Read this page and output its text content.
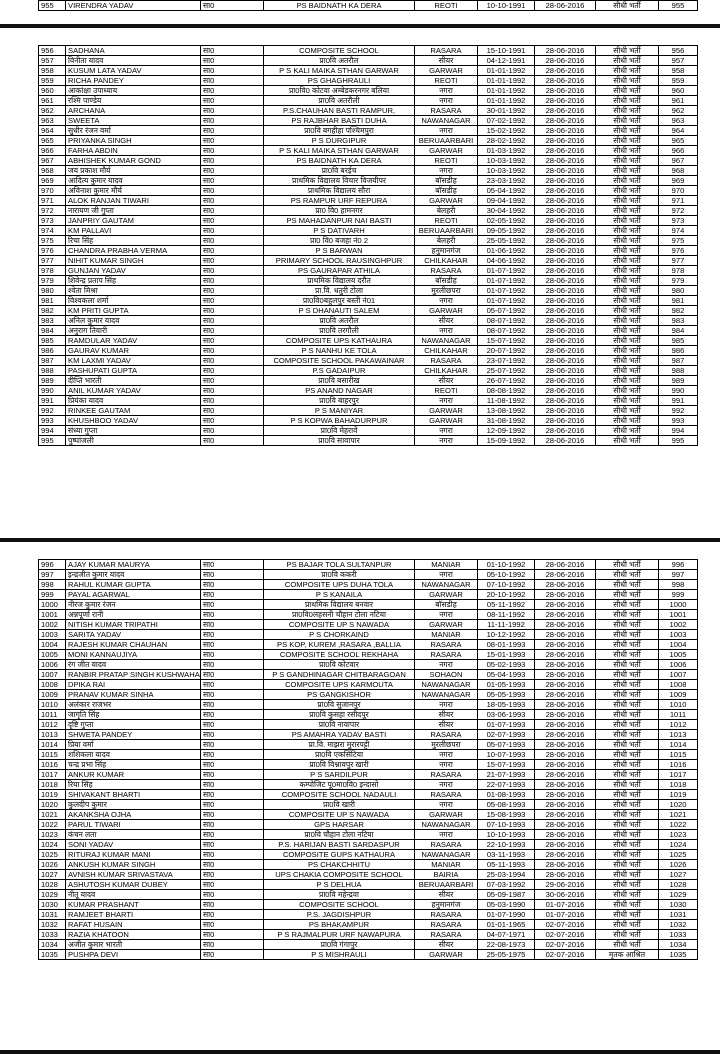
955	VIRENDRA YADAV	सा0	PS BAIDNATH KA DERA	REOTI	10-10-1991	28-06-2016	सीधी भर्ती	955
956	SADHANA	सा0	COMPOSITE SCHOOL	RASARA	15-10-1991	28-06-2016	सीधी भर्ती	956
957	विनीता यादव	सा0	प्रा0वि अतरौल	सीयर	04-12-1991	28-06-2016	सीधी भर्ती	957
958	KUSUM LATA YADAV	सा0	P S KALI MAIKA STHAN GARWAR	GARWAR	01-01-1992	28-06-2016	सीधी भर्ती	958
959	RICHA PANDEY	सा0	PS GHAGHRAULI	REOTI	01-01-1992	28-06-2016	सीधी भर्ती	959
960	आकांक्षा उपाध्याय	सा0	प्रा0वि0 कोटवा अम्बेडकरनगर बलिया	नगरा	01-01-1992	28-06-2016	सीधी भर्ती	960
961	रश्मि पाण्डेय	सा0	प्रा0वि अतरौली	नगरा	01-01-1992	28-06-2016	सीधी भर्ती	961
962	ARCHANA	सा0	P.S.CHAUHAN BASTI RAMPUR,	RASARA	30-01-1992	28-06-2016	सीधी भर्ती	962
963	SWEETA	सा0	PS RAJBHAR BASTI DUHA	NAWANAGAR	07-02-1992	28-06-2016	सीधी भर्ती	963
964	सुधीर रंजन वर्मा	सा0	प्रा0वि बगहीहा पश्चिमपुरा	नगरा	15-02-1992	28-06-2016	सीधी भर्ती	964
965	PRIYANKA SINGH	सा0	P S DURGIPUR	BERUAARBARI	28-02-1992	28-06-2016	सीधी भर्ती	965
966	FARHA ABDIN	सा0	P S KALI MAIKA STHAN GARWAR	GARWAR	01-03-1992	28-06-2016	सीधी भर्ती	966
967	ABHISHEK KUMAR GOND	सा0	PS BAIDNATH KA DERA	REOTI	10-03-1992	28-06-2016	सीधी भर्ती	967
968	जय प्रकाश मौर्य	सा0	प्रा0वि बरईच	नगरा	10-03-1992	28-06-2016	सीधी भर्ती	968
969	आदित्य कुमार यादव	सा0	प्राथमिक विद्यालय विचार विजयीपर	बॉसडीह	23-03-1992	28-06-2016	सीधी भर्ती	969
970	अविनाश कुमार मौर्य	सा0	प्राथमिक विद्यालय सौरा	बॉसडीह	05-04-1992	28-06-2016	सीधी भर्ती	970
971	ALOK RANJAN TIWARI	सा0	PS RAMPUR URF REPURA	GARWAR	09-04-1992	28-06-2016	सीधी भर्ती	971
972	नारायण जी गुप्ता	सा0	प्रा0 वि0 हामनगर	बेलहरी	30-04-1992	28-06-2016	सीधी भर्ती	972
973	JANPRIY GAUTAM	सा0	PS MAHADANPUR NAI BASTI	REOTI	02-05-1992	28-06-2016	सीधी भर्ती	973
974	KM PALLAVI	सा0	P S DATIVARH	BERUAARBARI	09-05-1992	28-06-2016	सीधी भर्ती	974
975	रिचा सिंह	सा0	प्रा0 वि0 बजहा नं0 2	बेलहरी	25-05-1992	28-06-2016	सीधी भर्ती	975
976	CHANDRA PRABHA VERMA	सा0	P S BARWAN	हनुमानगंज	01-06-1992	28-06-2016	सीधी भर्ती	976
977	NIHIT KUMAR SINGH	सा0	PRIMARY SCHOOL RAUSINGHPUR	CHILKAHAR	04-06-1992	28-06-2016	सीधी भर्ती	977
978	GUNJAN YADAV	सा0	PS GAURAPAR ATHILA	RASARA	01-07-1992	28-06-2016	सीधी भर्ती	978
979	शिवेन्द्र प्रताप सिंह	सा0	प्राथमिक विद्यालय दरौत	बॉसडीह	01-07-1992	28-06-2016	सीधी भर्ती	979
980	श्वेता मिश्रा	सा0	प्रा.वि. धतुरी टोला	मुरलीछपरा	01-07-1992	28-06-2016	सीधी भर्ती	980
981	विश्वकला शर्मा	सा0	प्रा0वि0बहुलपुर बस्ती नं01	नगरा	01-07-1992	28-06-2016	सीधी भर्ती	981
982	KM PRITI GUPTA	सा0	P S DHANAUTI SALEM	GARWAR	05-07-1992	28-06-2016	सीधी भर्ती	982
983	अनिल कुमार यादव	सा0	प्रा0वि अतरौल	सीयर	08-07-1992	28-06-2016	सीधी भर्ती	983
984	अनुराग तिवारी	सा0	प्रा0वि तरगौली	नगरा	08-07-1992	28-06-2016	सीधी भर्ती	984
985	RAMDULAR YADAV	सा0	COMPOSITE UPS KATHAURA	NAWANAGAR	15-07-1992	28-06-2016	सीधी भर्ती	985
986	GAURAV KUMAR	सा0	P S NANHU KE TOLA	CHILKAHAR	20-07-1992	28-06-2016	सीधी भर्ती	986
987	KM LAXMI YADAV	सा0	COMPOSITE SCHOOL PAKAWAINAR	RASARA	23-07-1992	28-06-2016	सीधी भर्ती	987
988	PASHUPATI GUPTA	सा0	P.S GADAIPUR	CHILKAHAR	25-07-1992	28-06-2016	सीधी भर्ती	988
989	दीप्ति भारती	सा0	प्रा0वि बसारीख	सीयर	26-07-1992	28-06-2016	सीधी भर्ती	989
990	ANIL KUMAR YADAV	सा0	PS ANAND NAGAR	REOTI	08-08-1992	28-06-2016	सीधी भर्ती	990
991	प्रियंका यादव	सा0	प्रा0वि बाहरपुर	नगरा	11-08-1992	28-06-2016	सीधी भर्ती	991
992	RINKEE GAUTAM	सा0	P S MANIYAR	GARWAR	13-08-1992	28-06-2016	सीधी भर्ती	992
993	KHUSHBOO YADAV	सा0	P S KOPWA BAHADURPUR	GARWAR	31-08-1992	28-06-2016	सीधी भर्ती	993
994	संध्या गुप्ता	सा0	प्रा0वि मेहरावें	नगरा	12-09-1992	28-06-2016	सीधी भर्ती	994
995	पुष्पांजली	सा0	प्रा0वि सावापार	नगरा	15-09-1992	28-06-2016	सीधी भर्ती	995
996	AJAY KUMAR MAURYA	सा0	PS BAJAR TOLA SULTANPUR	MANIAR	01-10-1992	28-06-2016	सीधी भर्ती	996
997	इन्द्रजीत कुमार यादव	सा0	प्रा0वि ककरी	नगरा	05-10-1992	28-06-2016	सीधी भर्ती	997
998	RAHUL KUMAR GUPTA	सा0	COMPOSITE UPS DUHA TOLA	NAWANAGAR	07-10-1992	28-06-2016	सीधी भर्ती	998
999	PAYAL AGARWAL	सा0	P S KANAILA	GARWAR	20-10-1992	28-06-2016	सीधी भर्ती	999
1000	नीरज कुमार रंजन	सा0	प्राथमिक विद्यालय बनवार	बॉसडीह	05-11-1992	28-06-2016	सीधी भर्ती	1000
1001	अन्नपूर्णा रानी	सा0	प्रा0वि0लहसनी चौहान टोला नटिया	नगरा	08-11-1992	28-06-2016	सीधी भर्ती	1001
1002	NITISH KUMAR TRIPATHI	सा0	COMPOSITE UP S NAWADA	GARWAR	11-11-1992	28-06-2016	सीधी भर्ती	1002
1003	SARITA YADAV	सा0	P S CHORKAIND	MANIAR	10-12-1992	28-06-2016	सीधी भर्ती	1003
1004	RAJESH KUMAR CHAUHAN	सा0	PS KOP, KUREM ,RASARA ,BALLIA	RASARA	08-01-1993	28-06-2016	सीधी भर्ती	1004
1005	MONI KANNAUJIYA	सा0	COMPOSITE SCHOOL REKHAHA	RASARA	15-01-1993	28-06-2016	सीधी भर्ती	1005
1006	रंग जीत यादव	सा0	प्रा0वि कोटवार	नगरा	05-02-1993	28-06-2016	सीधी भर्ती	1006
1007	RANBIR PRATAP SINGH KUSHWAHA	सा0	P S GANDHINAGAR CHITBARAGOAN	SOHAON	05-04-1993	28-06-2016	सीधी भर्ती	1007
1008	DPIKA RAI	सा0	COMPOSITE UPS KARMOUTA	NAWANAGAR	01-05-1993	28-06-2016	सीधी भर्ती	1008
1009	PRANAV KUMAR SINHA	सा0	PS GANGKISHOR	NAWANAGAR	05-05-1993	28-06-2016	सीधी भर्ती	1009
1010	अलंकार राजभर	सा0	प्रा0वि सुजानपुर	नगरा	18-05-1993	28-06-2016	सीधी भर्ती	1010
1011	जागृति सिंह	सा0	प्रा0वि कुसहा रसीदपुर	सीयर	03-06-1993	28-06-2016	सीधी भर्ती	1011
1012	दृष्टि गुप्ता	सा0	प्रा0वि नावापार	सीयर	01-07-1993	28-06-2016	सीधी भर्ती	1012
1013	SHWETA PANDEY	सा0	PS AMAHRA YADAV BASTI	RASARA	02-07-1993	28-06-2016	सीधी भर्ती	1013
1014	प्रिया वर्मा	सा0	प्रा.वि. माझरा मुरारपट्टी	मुरलीछपरा	05-07-1993	28-06-2016	सीधी भर्ती	1014
1015	शशिकला यादव	सा0	प्रा0वि एकसिंटिया	नगरा	10-07-1993	28-06-2016	सीधी भर्ती	1015
1016	चन्द्र प्रभा सिंह	सा0	प्रा0वि विश्नावपुर खारी	नगरा	15-07-1993	28-06-2016	सीधी भर्ती	1016
1017	ANKUR KUMAR	सा0	P S SARDILPUR	RASARA	21-07-1993	28-06-2016	सीधी भर्ती	1017
1018	रिया सिंह	सा0	कम्पोजिट पू0मा0वि0 इन्दासो	नगरा	22-07-1993	28-06-2016	सीधी भर्ती	1018
1019	SHIVAKANT BHARTI	सा0	COMPOSITE SCHOOL NADAULI	RASARA	01-08-1993	28-06-2016	सीधी भर्ती	1019
1020	कुलदीप कुमार	सा0	प्रा0वि खारी	नगरा	05-08-1993	28-06-2016	सीधी भर्ती	1020
1021	AKANKSHA OJHA	सा0	COMPOSITE UP S NAWADA	GARWAR	15-08-1993	28-06-2016	सीधी भर्ती	1021
1022	PARUL TIWARI	सा0	GPS HARSAR	NAWANAGAR	07-10-1993	28-06-2016	सीधी भर्ती	1022
1023	कंचन लता	सा0	प्रा0वि चौहान टोला नटिया	नगरा	10-10-1993	28-06-2016	सीधी भर्ती	1023
1024	SONI YADAV	सा0	P.S. HARIJAN BASTI SARDASPUR	RASARA	22-10-1993	28-06-2016	सीधी भर्ती	1024
1025	RITURAJ KUMAR MANI	सा0	COMPOSITE GUPS KATHAURA	NAWANAGAR	03-11-1993	28-06-2016	सीधी भर्ती	1025
1026	ANKUSH KUMAR SINGH	सा0	PS CHAKCHHITU	MANIAR	05-11-1993	28-06-2016	सीधी भर्ती	1026
1027	AVNISH KUMAR SRIVASTAVA	सा0	UPS CHAKIA COMPOSITE SCHOOL	BAIRIA	25-03-1994	28-06-2016	सीधी भर्ती	1027
1028	ASHUTOSH KUMAR DUBEY	सा0	P S DELHUA	BERUAARBARI	07-03-1992	29-06-2016	सीधी भर्ती	1028
1029	नीतू यादव	सा0	प्रा0वि महेन्द्रवा	सीयर	05-09-1987	30-06-2016	सीधी भर्ती	1029
1030	KUMAR PRASHANT	सा0	COMPOSITE SCHOOL	हनुमानगंज	05-03-1990	01-07-2016	सीधी भर्ती	1030
1031	RAMJEET BHARTI	सा0	P.S. JAGDISHPUR	RASARA	01-07-1990	01-07-2016	सीधी भर्ती	1031
1032	RAFAT HUSAIN	सा0	PS BHAKAMPUR	RASARA	01-01-1965	02-07-2016	सीधी भर्ती	1032
1033	RAZIA KHATOON	सा0	P S RAJMALPUR URF NAWAPURA	RASARA	04-07-1971	02-07-2016	सीधी भर्ती	1033
1034	अजीत कुमार भारती	सा0	प्रा0वि गंगापुर	सीयर	22-08-1973	02-07-2016	सीधी भर्ती	1034
1035	PUSHPA DEVI	सा0	P S MISHRAULI	GARWAR	25-05-1975	02-07-2016	मृतक आश्रित	1035
